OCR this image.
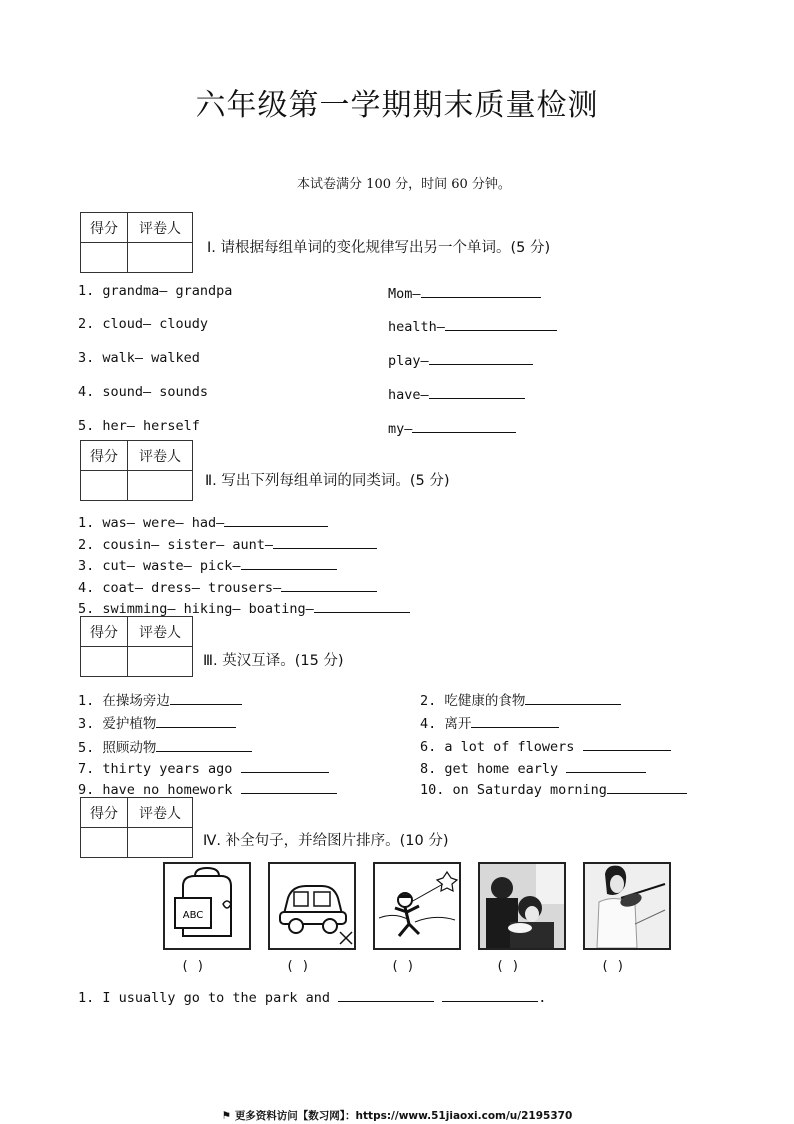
六年级第一学期期末质量检测
本试卷满分 100 分，时间 60 分钟。
得分	评卷人

Ⅰ. 请根据每组单词的变化规律写出另一个单词。(5 分)
1. grandma— grandpa	Mom—
2. cloud— cloudy	health—
3. walk— walked	play—
4. sound— sounds	have—
5. her— herself	my—
得分	评卷人

Ⅱ. 写出下列每组单词的同类词。(5 分)
1. was— were— had—
2. cousin— sister— aunt—
3. cut— waste— pick—
4. coat— dress— trousers—
5. swimming— hiking— boating—
得分	评卷人

Ⅲ. 英汉互译。(15 分)
1. 在操场旁边	2. 吃健康的食物
3. 爱护植物	4. 离开
5. 照顾动物	6. a lot of flowers
7. thirty years ago	8. get home early
9. have no homework	10. on Saturday morning
得分	评卷人

Ⅳ. 补全句子，并给图片排序。(10 分)
ABC
( )	( )	( )	( )	( )
1. I usually go to the park and	.
⚑ 更多资料访问【数习网】：https://www.51jiaoxi.com/u/2195370
